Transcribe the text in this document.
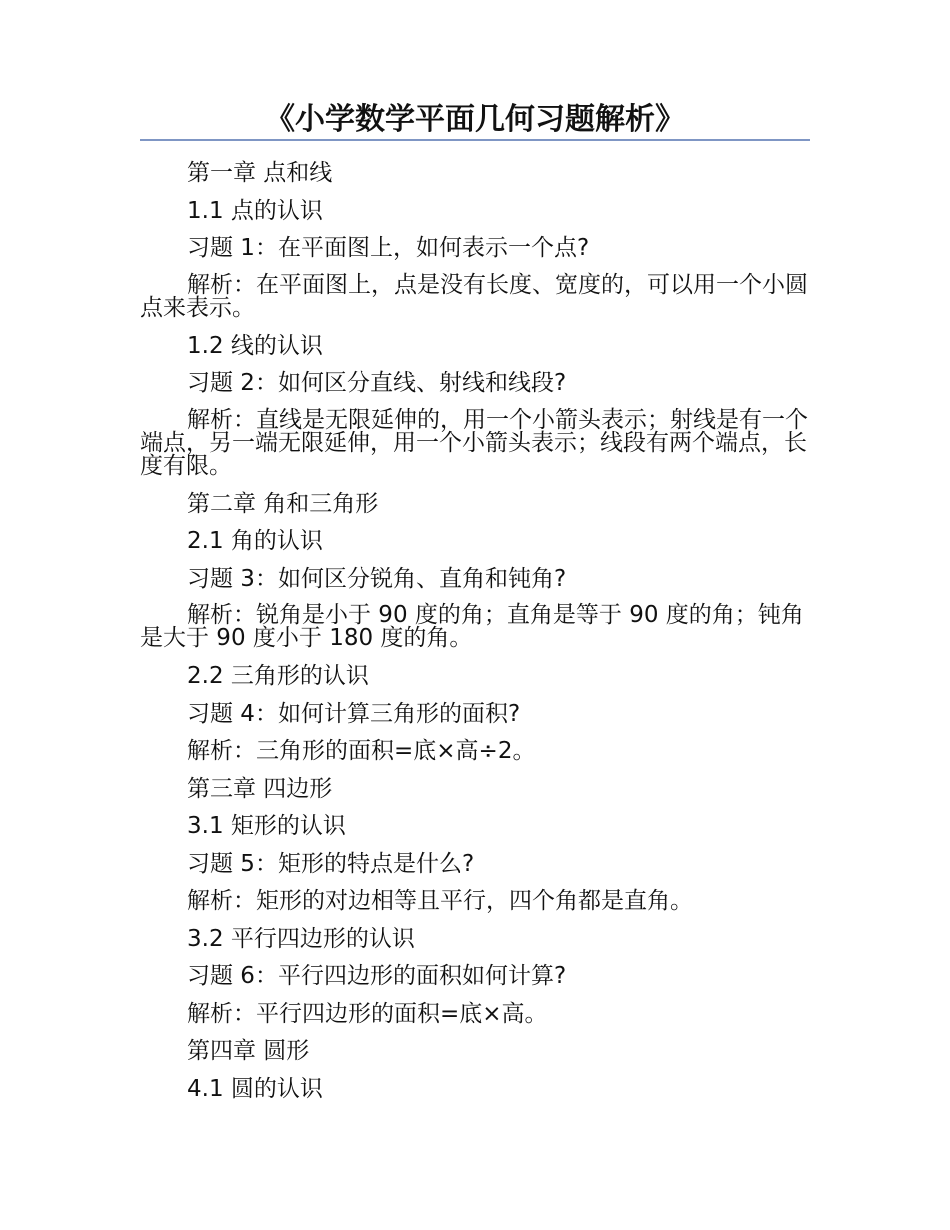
《小学数学平面几何习题解析》
第一章 点和线
1.1 点的认识
习题 1：在平面图上，如何表示一个点?
解析：在平面图上，点是没有长度、宽度的，可以用一个小圆点来表示。
1.2 线的认识
习题 2：如何区分直线、射线和线段?
解析：直线是无限延伸的，用一个小箭头表示；射线是有一个端点，另一端无限延伸，用一个小箭头表示；线段有两个端点，长度有限。
第二章 角和三角形
2.1 角的认识
习题 3：如何区分锐角、直角和钝角?
解析：锐角是小于 90 度的角；直角是等于 90 度的角；钝角是大于 90 度小于 180 度的角。
2.2 三角形的认识
习题 4：如何计算三角形的面积?
解析：三角形的面积=底×高÷2。
第三章 四边形
3.1 矩形的认识
习题 5：矩形的特点是什么?
解析：矩形的对边相等且平行，四个角都是直角。
3.2 平行四边形的认识
习题 6：平行四边形的面积如何计算?
解析：平行四边形的面积=底×高。
第四章 圆形
4.1 圆的认识
